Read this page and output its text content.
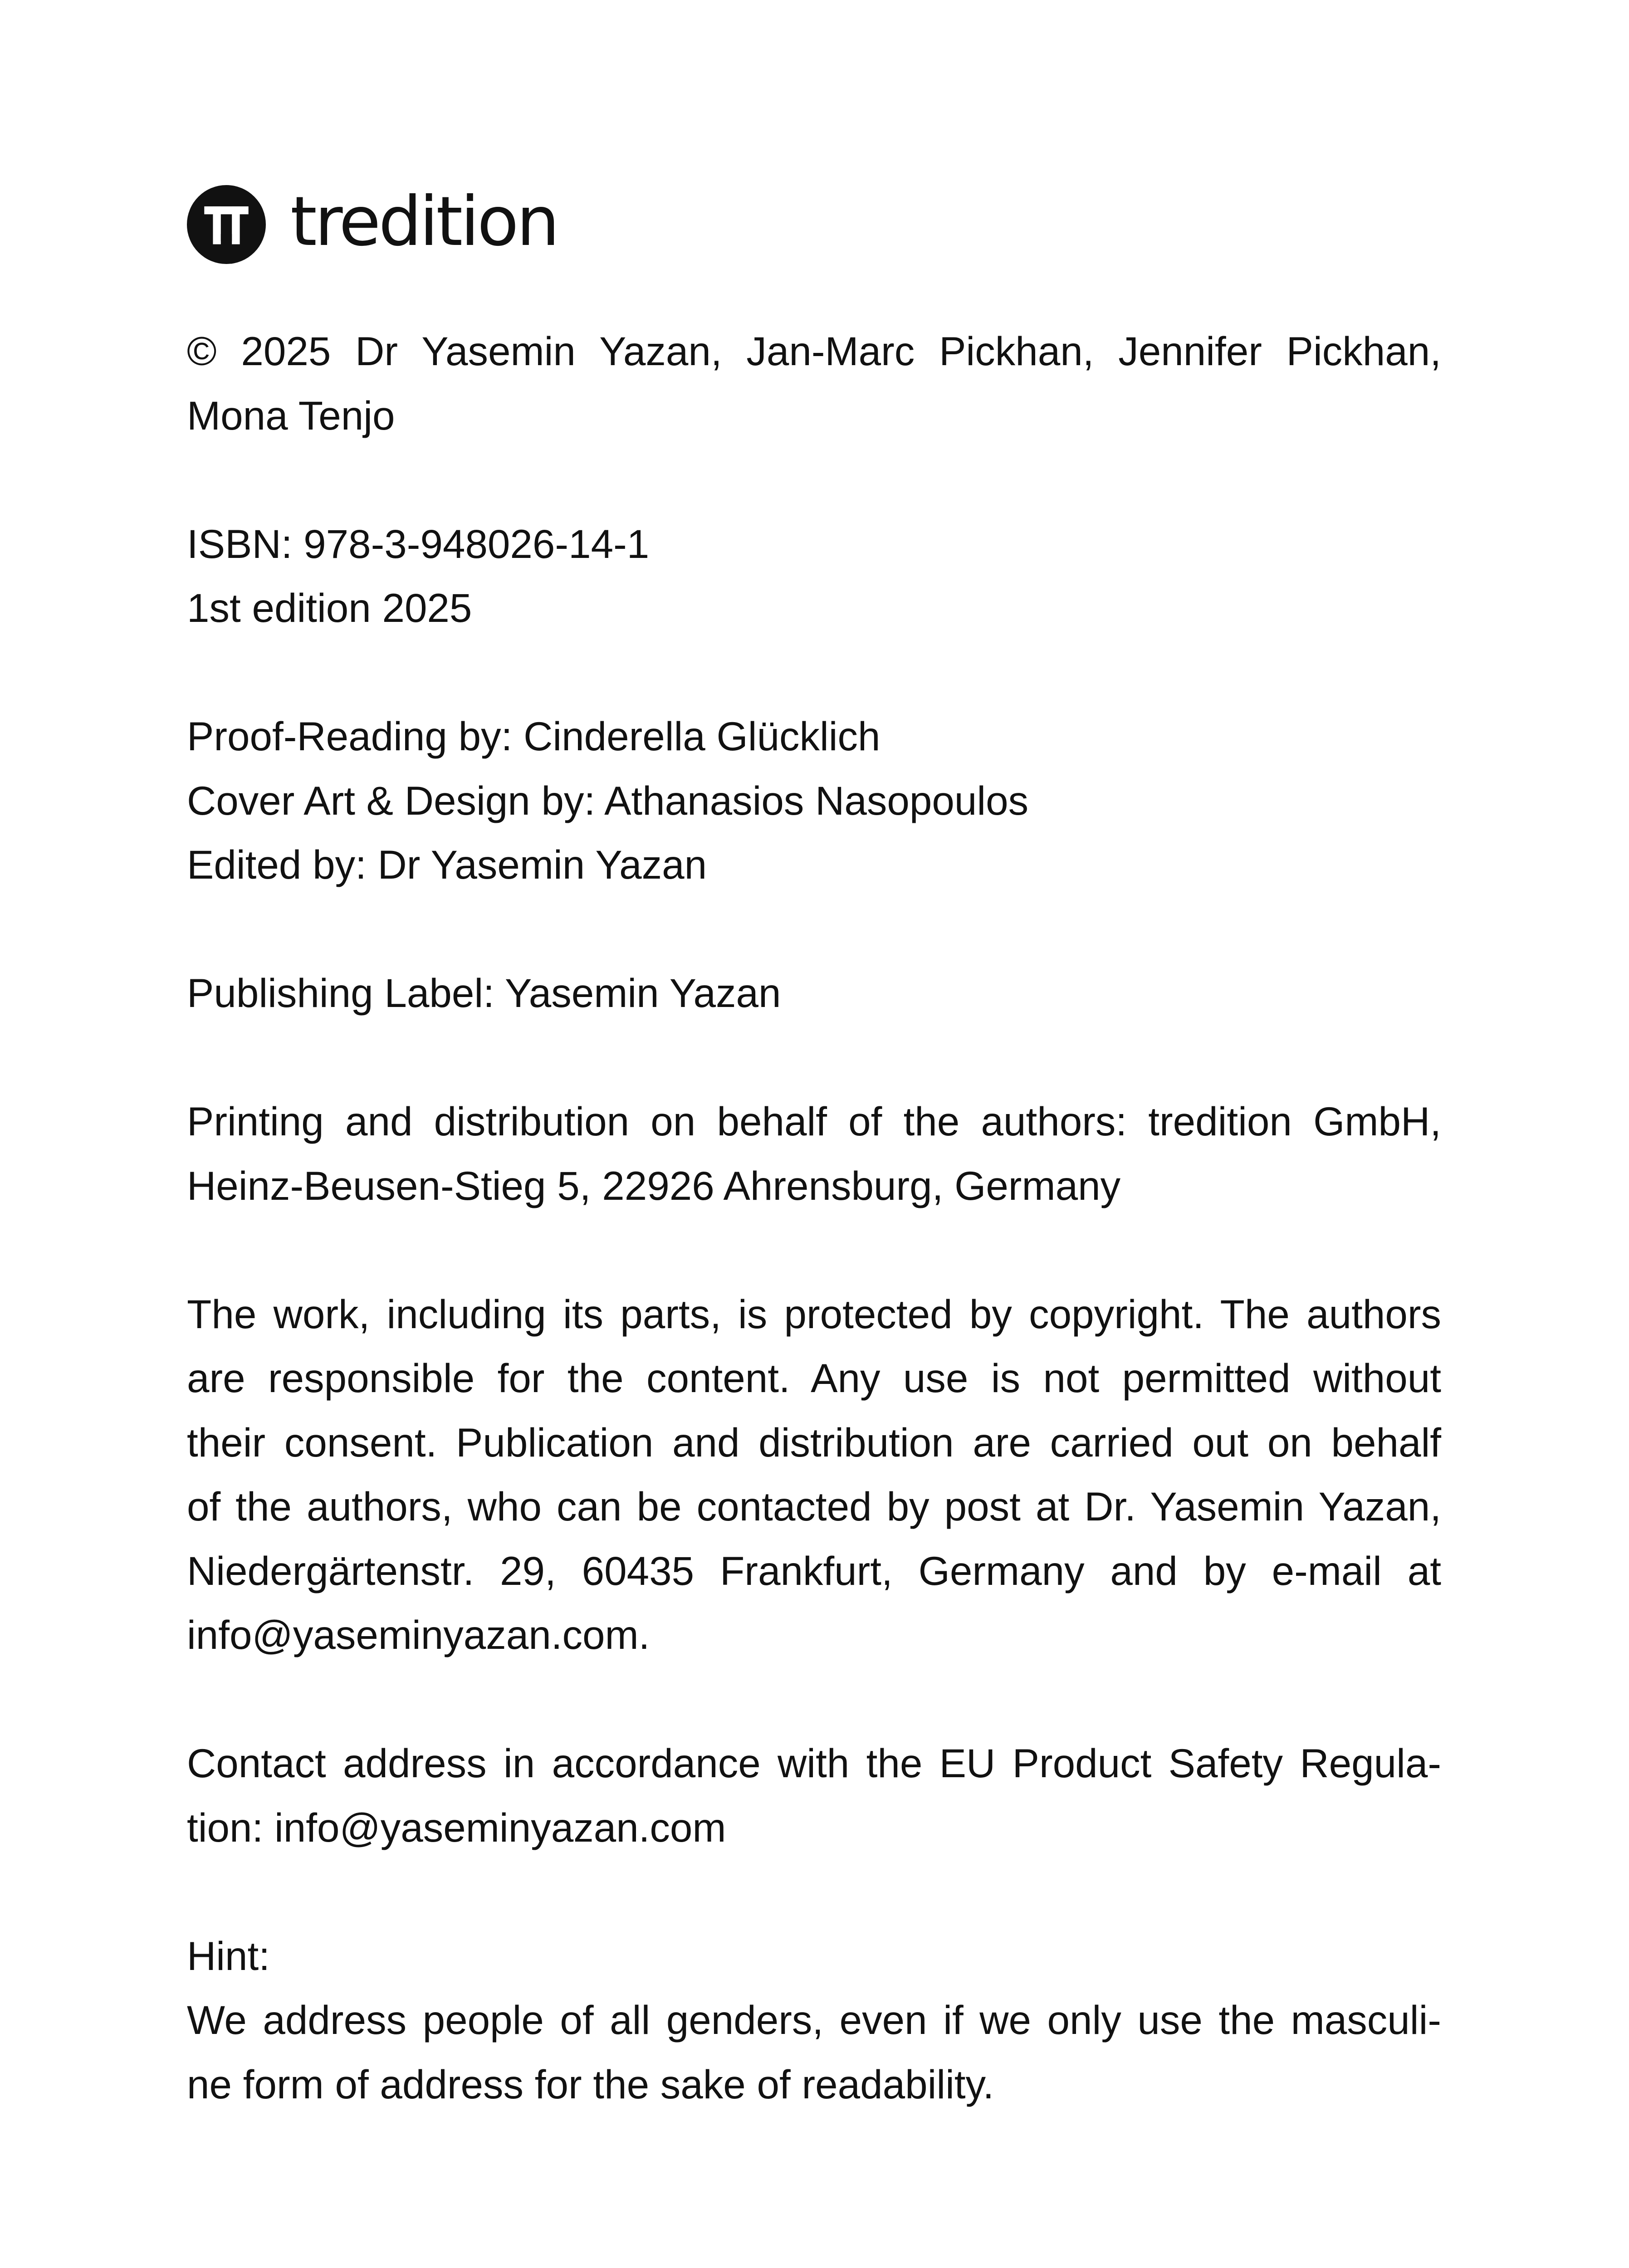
tredition
© 2025 Dr Yasemin Yazan, Jan-Marc Pickhan, Jennifer Pickhan,
Mona Tenjo
ISBN: 978-3-948026-14-1
1st edition 2025
Proof-Reading by: Cinderella Glücklich
Cover Art & Design by: Athanasios Nasopoulos
Edited by: Dr Yasemin Yazan
Publishing Label: Yasemin Yazan
Printing and distribution on behalf of the authors: tredition GmbH,
Heinz-Beusen-Stieg 5, 22926 Ahrensburg, Germany
The work, including its parts, is protected by copyright. The authors
are responsible for the content. Any use is not permitted without
their consent. Publication and distribution are carried out on behalf
of the authors, who can be contacted by post at Dr. Yasemin Yazan,
Niedergärtenstr. 29, 60435 Frankfurt, Germany and by e-mail at
info@yaseminyazan.com.
Contact address in accordance with the EU Product Safety Regula-
tion: info@yaseminyazan.com
Hint:
We address people of all genders, even if we only use the masculi-
ne form of address for the sake of readability.
